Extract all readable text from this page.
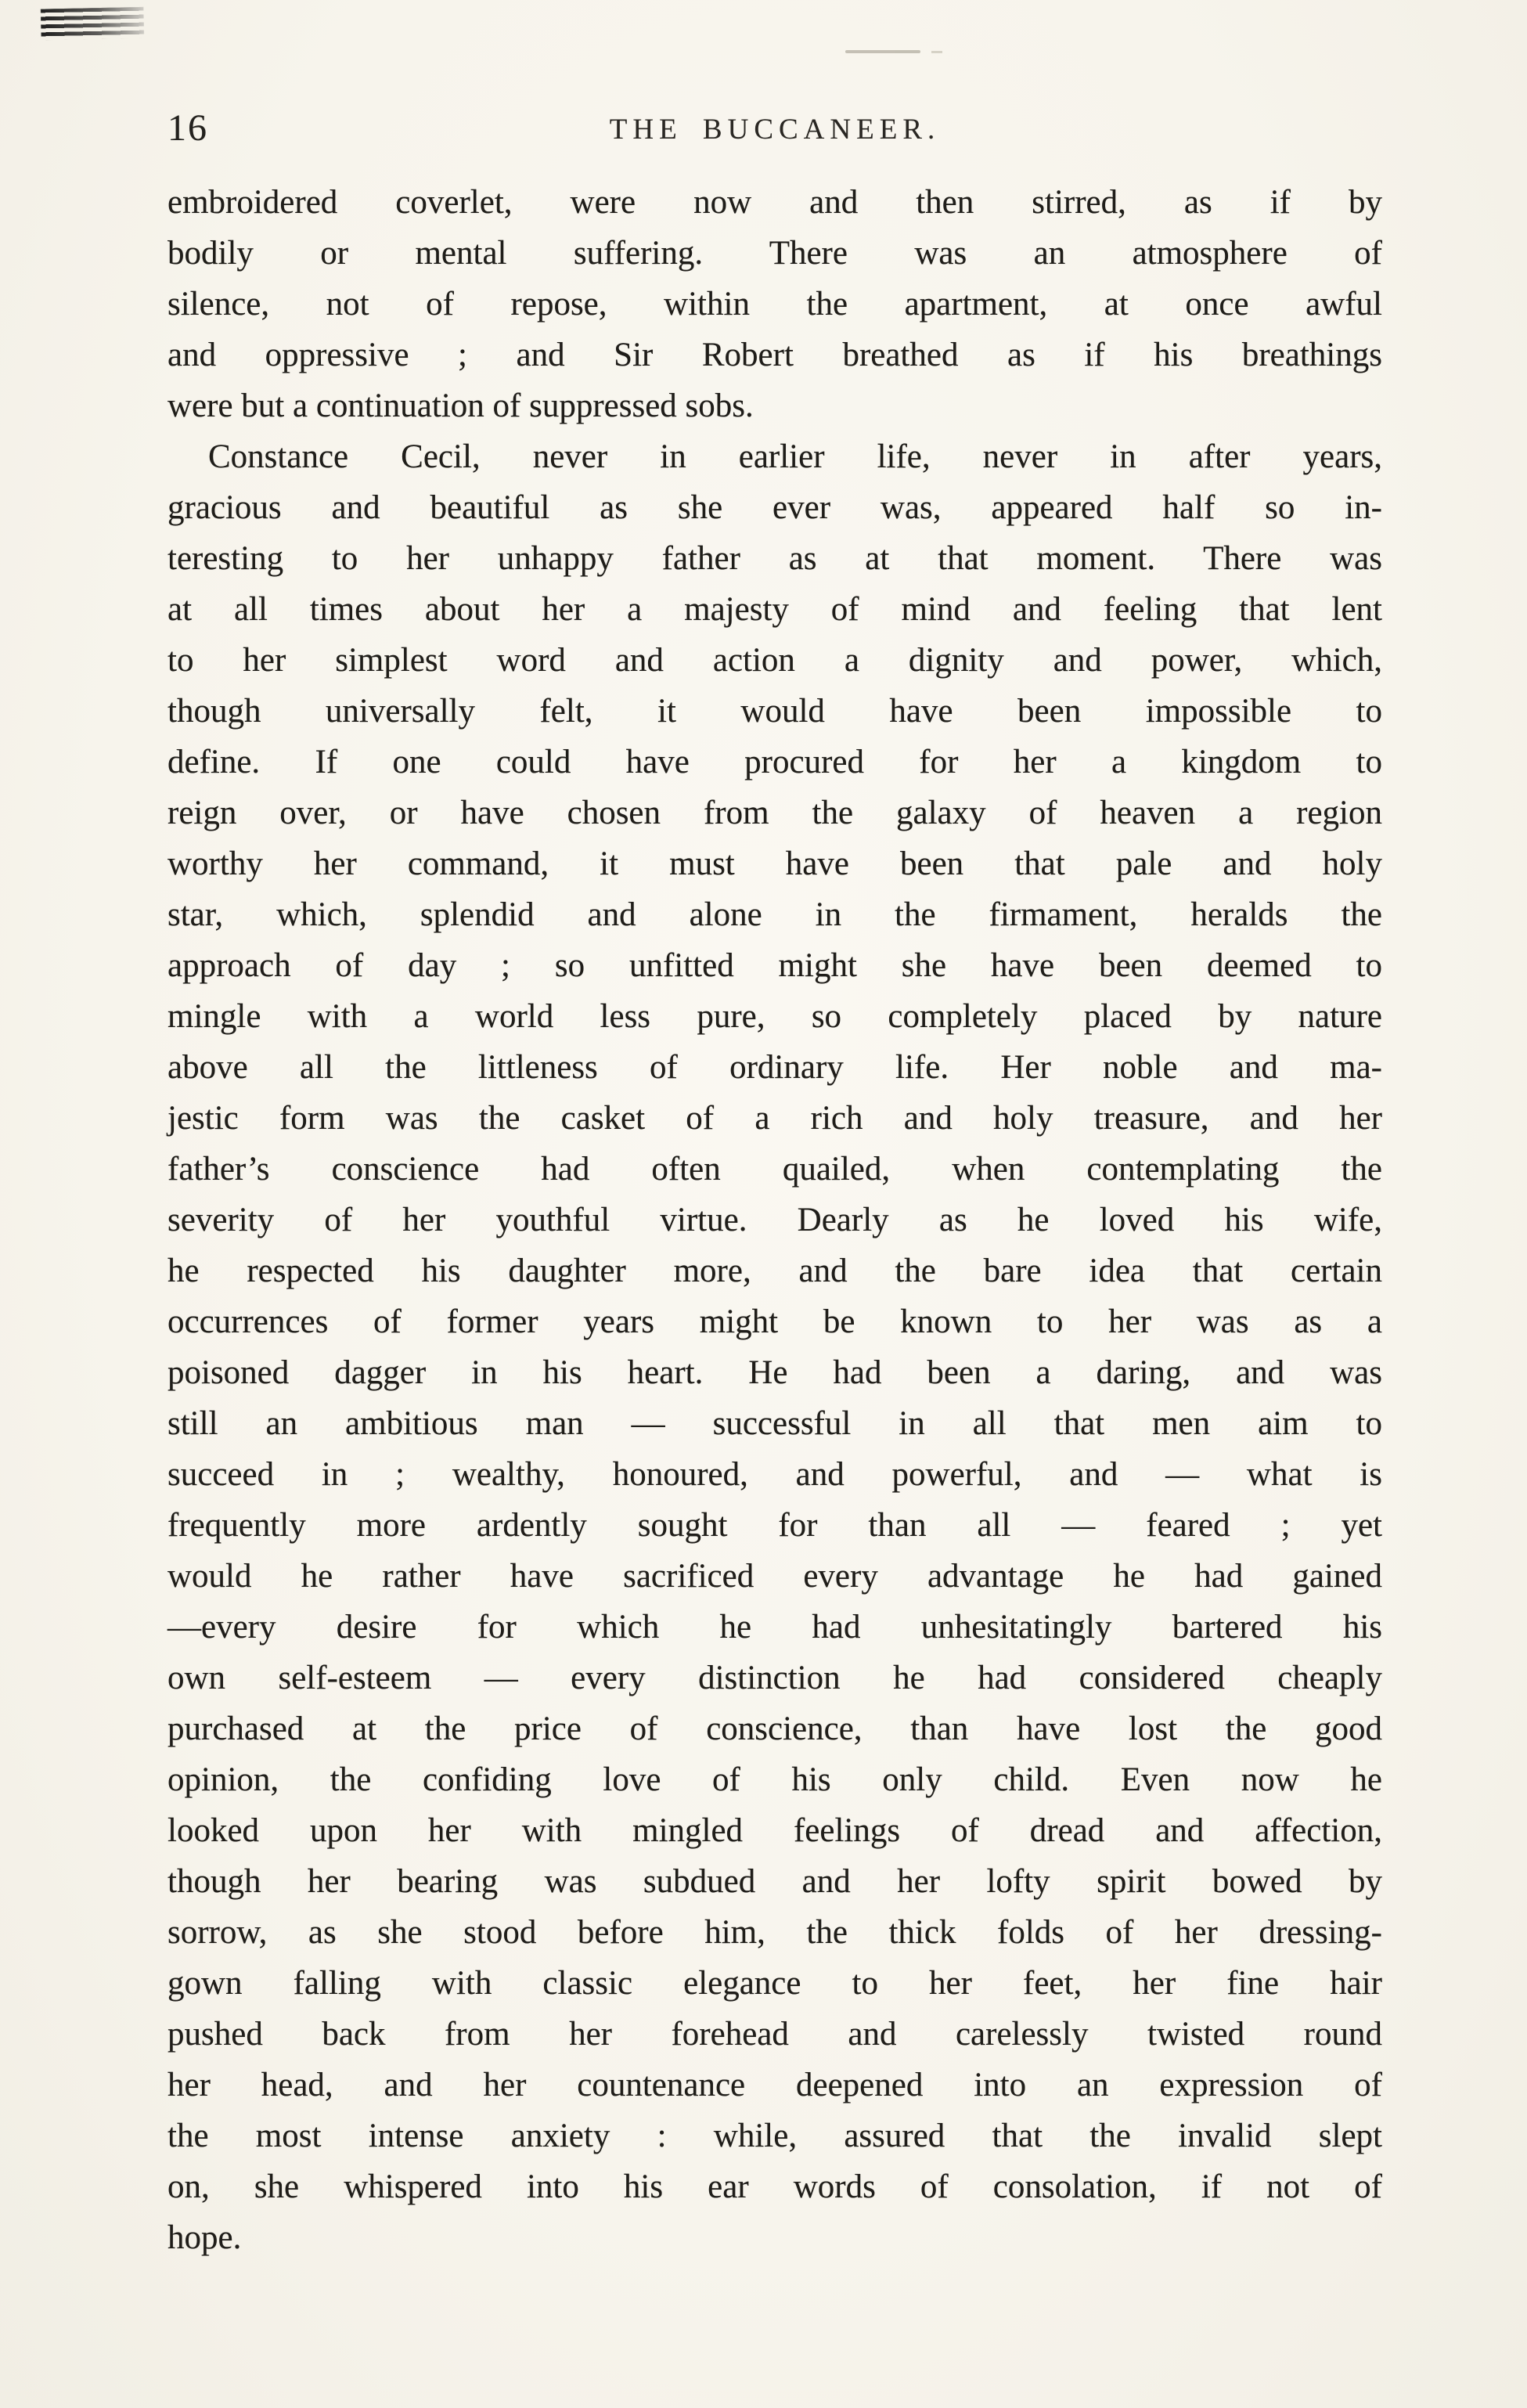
16	THE BUCCANEER.
embroidered coverlet, were now and then stirred, as if by
bodily or mental suffering. There was an atmosphere of
silence, not of repose, within the apartment, at once awful
and oppressive ; and Sir Robert breathed as if his breathings
were but a continuation of suppressed sobs.
Constance Cecil, never in earlier life, never in after years,
gracious and beautiful as she ever was, appeared half so in-
teresting to her unhappy father as at that moment. There was
at all times about her a majesty of mind and feeling that lent
to her simplest word and action a dignity and power, which,
though universally felt, it would have been impossible to
define. If one could have procured for her a kingdom to
reign over, or have chosen from the galaxy of heaven a region
worthy her command, it must have been that pale and holy
star, which, splendid and alone in the firmament, heralds the
approach of day ; so unfitted might she have been deemed to
mingle with a world less pure, so completely placed by nature
above all the littleness of ordinary life. Her noble and ma-
jestic form was the casket of a rich and holy treasure, and her
father’s conscience had often quailed, when contemplating the
severity of her youthful virtue. Dearly as he loved his wife,
he respected his daughter more, and the bare idea that certain
occurrences of former years might be known to her was as a
poisoned dagger in his heart. He had been a daring, and was
still an ambitious man — successful in all that men aim to
succeed in ; wealthy, honoured, and powerful, and — what is
frequently more ardently sought for than all — feared ; yet
would he rather have sacrificed every advantage he had gained
—every desire for which he had unhesitatingly bartered his
own self-esteem — every distinction he had considered cheaply
purchased at the price of conscience, than have lost the good
opinion, the confiding love of his only child. Even now he
looked upon her with mingled feelings of dread and affection,
though her bearing was subdued and her lofty spirit bowed by
sorrow, as she stood before him, the thick folds of her dressing-
gown falling with classic elegance to her feet, her fine hair
pushed back from her forehead and carelessly twisted round
her head, and her countenance deepened into an expression of
the most intense anxiety : while, assured that the invalid slept
on, she whispered into his ear words of consolation, if not of
hope.
